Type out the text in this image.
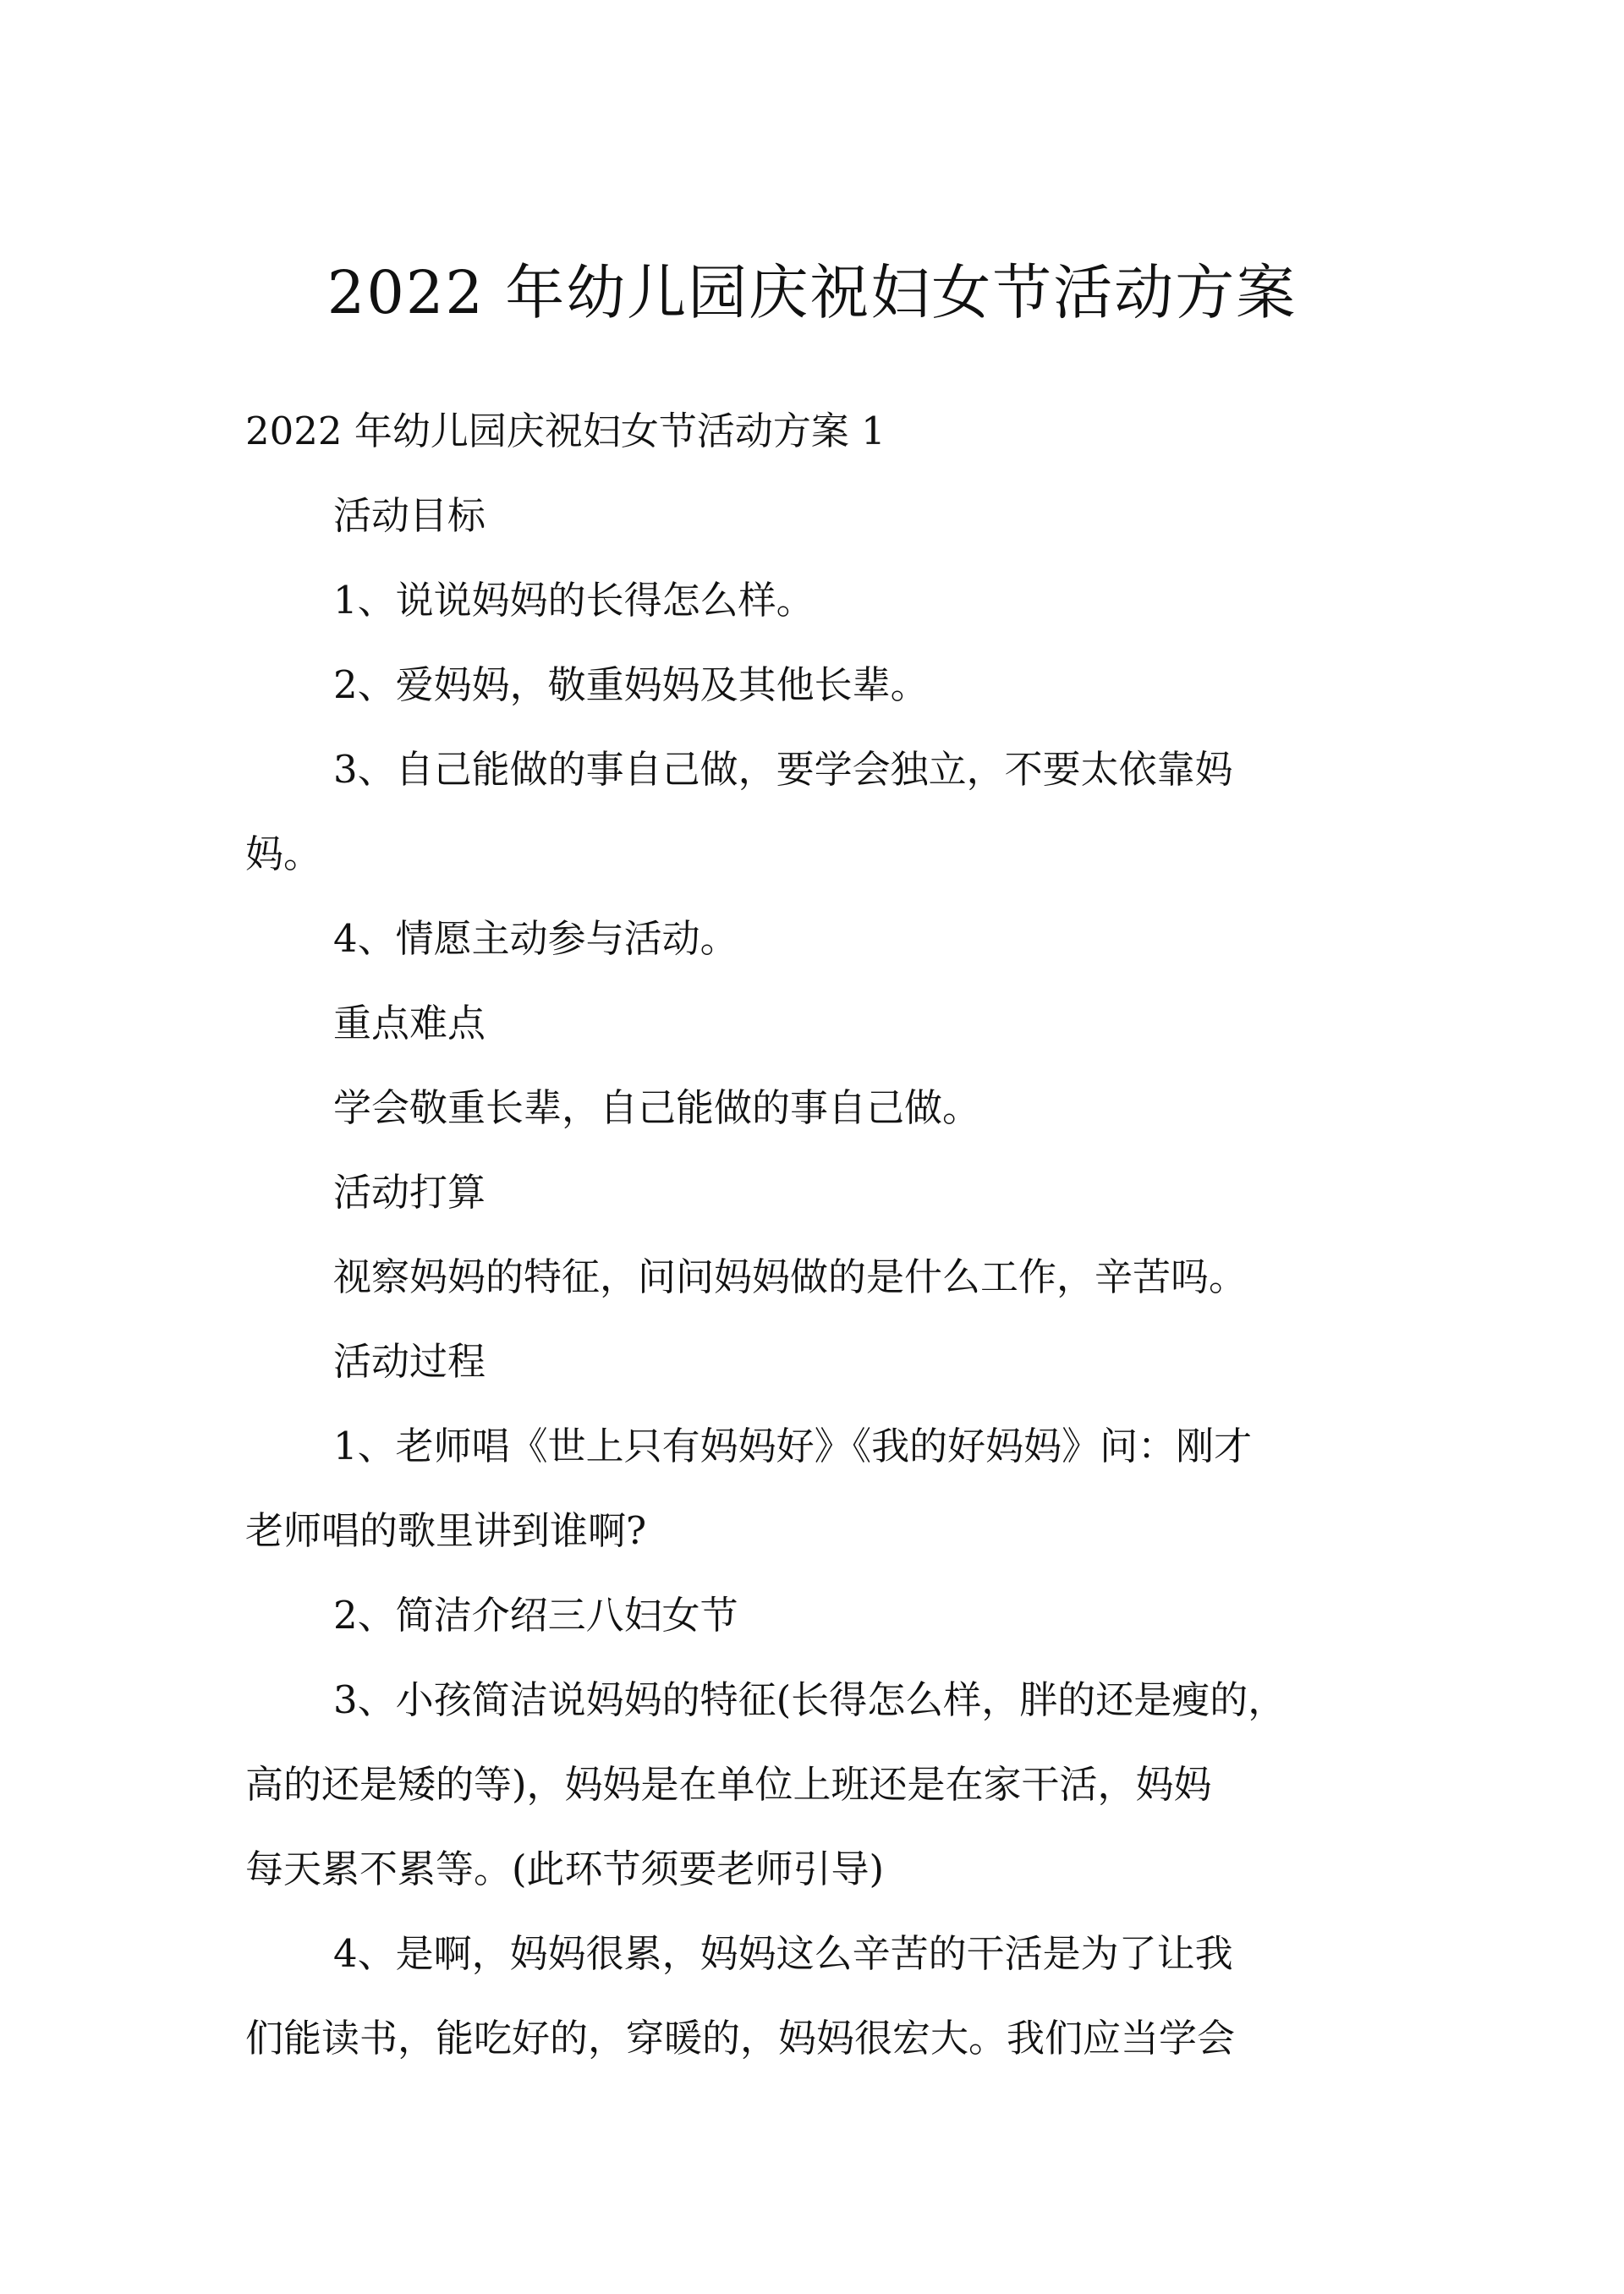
2022 年幼儿园庆祝妇女节活动方案

2022 年幼儿园庆祝妇女节活动方案 1

活动目标

1、说说妈妈的长得怎么样。

2、爱妈妈，敬重妈妈及其他长辈。

3、自己能做的事自己做，要学会独立，不要太依靠妈

妈。

4、情愿主动参与活动。

重点难点

学会敬重长辈，自己能做的事自己做。

活动打算

视察妈妈的特征，问问妈妈做的是什么工作，辛苦吗。

活动过程

1、老师唱《世上只有妈妈好》《我的好妈妈》问：刚才

老师唱的歌里讲到谁啊?

2、简洁介绍三八妇女节

3、小孩简洁说妈妈的特征(长得怎么样，胖的还是瘦的，

高的还是矮的等)，妈妈是在单位上班还是在家干活，妈妈

每天累不累等。(此环节须要老师引导)

4、是啊，妈妈很累，妈妈这么辛苦的干活是为了让我

们能读书，能吃好的，穿暖的，妈妈很宏大。我们应当学会
